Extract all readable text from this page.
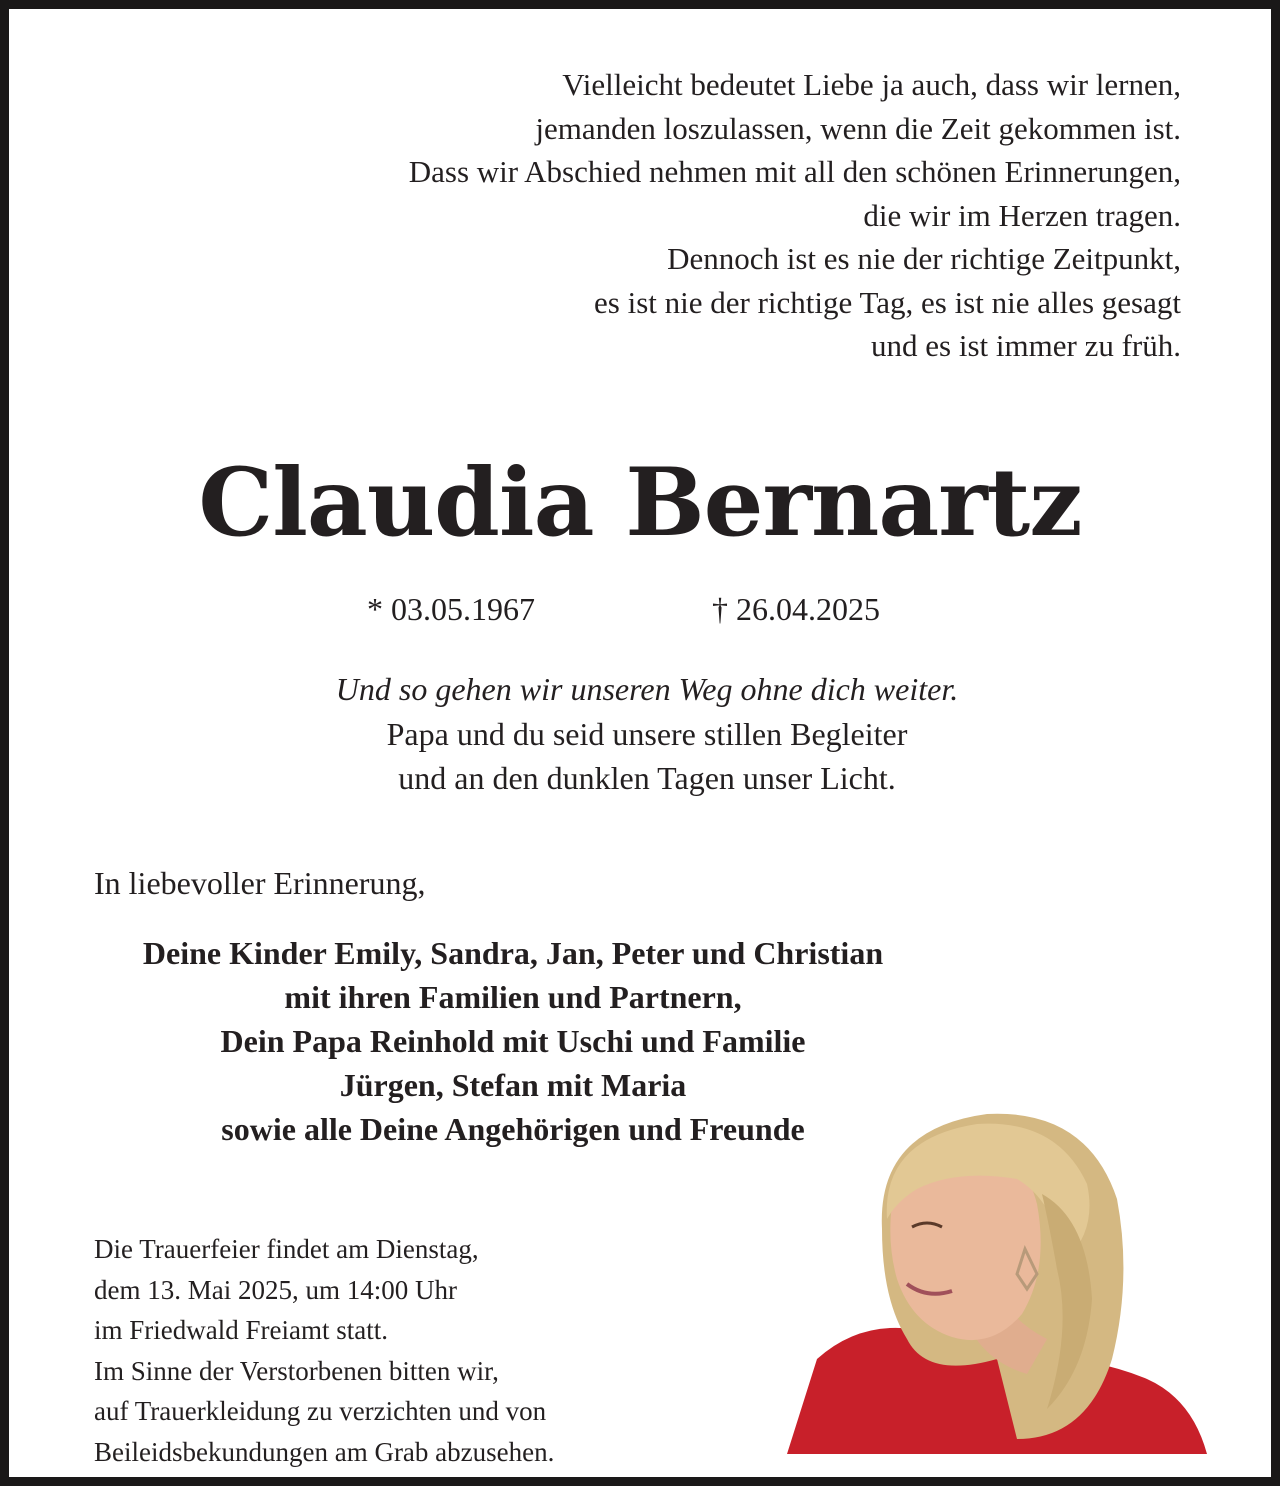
Vielleicht bedeutet Liebe ja auch, dass wir lernen,
jemanden loszulassen, wenn die Zeit gekommen ist.
Dass wir Abschied nehmen mit all den schönen Erinnerungen,
die wir im Herzen tragen.
Dennoch ist es nie der richtige Zeitpunkt,
es ist nie der richtige Tag, es ist nie alles gesagt
und es ist immer zu früh.
Claudia Bernartz
* 03.05.1967	† 26.04.2025
Und so gehen wir unseren Weg ohne dich weiter.
Papa und du seid unsere stillen Begleiter
und an den dunklen Tagen unser Licht.
In liebevoller Erinnerung,
Deine Kinder Emily, Sandra, Jan, Peter und Christian
mit ihren Familien und Partnern,
Dein Papa Reinhold mit Uschi und Familie
Jürgen, Stefan mit Maria
sowie alle Deine Angehörigen und Freunde
Die Trauerfeier findet am Dienstag,
dem 13. Mai 2025, um 14:00 Uhr
im Friedwald Freiamt statt.
Im Sinne der Verstorbenen bitten wir,
auf Trauerkleidung zu verzichten und von
Beileidsbekundungen am Grab abzusehen.
